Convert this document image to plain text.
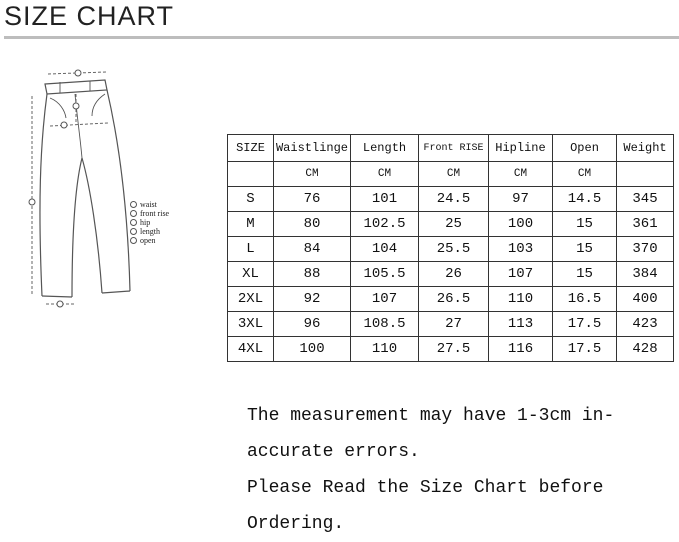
SIZE CHART
waist
front rise
hip
length
open
SIZE	Waistlinge	Length	Front RISE	Hipline	Open	Weight
	CM	CM	CM	CM	CM	
S	76	101	24.5	97	14.5	345
M	80	102.5	25	100	15	361
L	84	104	25.5	103	15	370
XL	88	105.5	26	107	15	384
2XL	92	107	26.5	110	16.5	400
3XL	96	108.5	27	113	17.5	423
4XL	100	110	27.5	116	17.5	428
The measurement may have 1-3cm in-
accurate errors.
Please Read the Size Chart before
Ordering.
